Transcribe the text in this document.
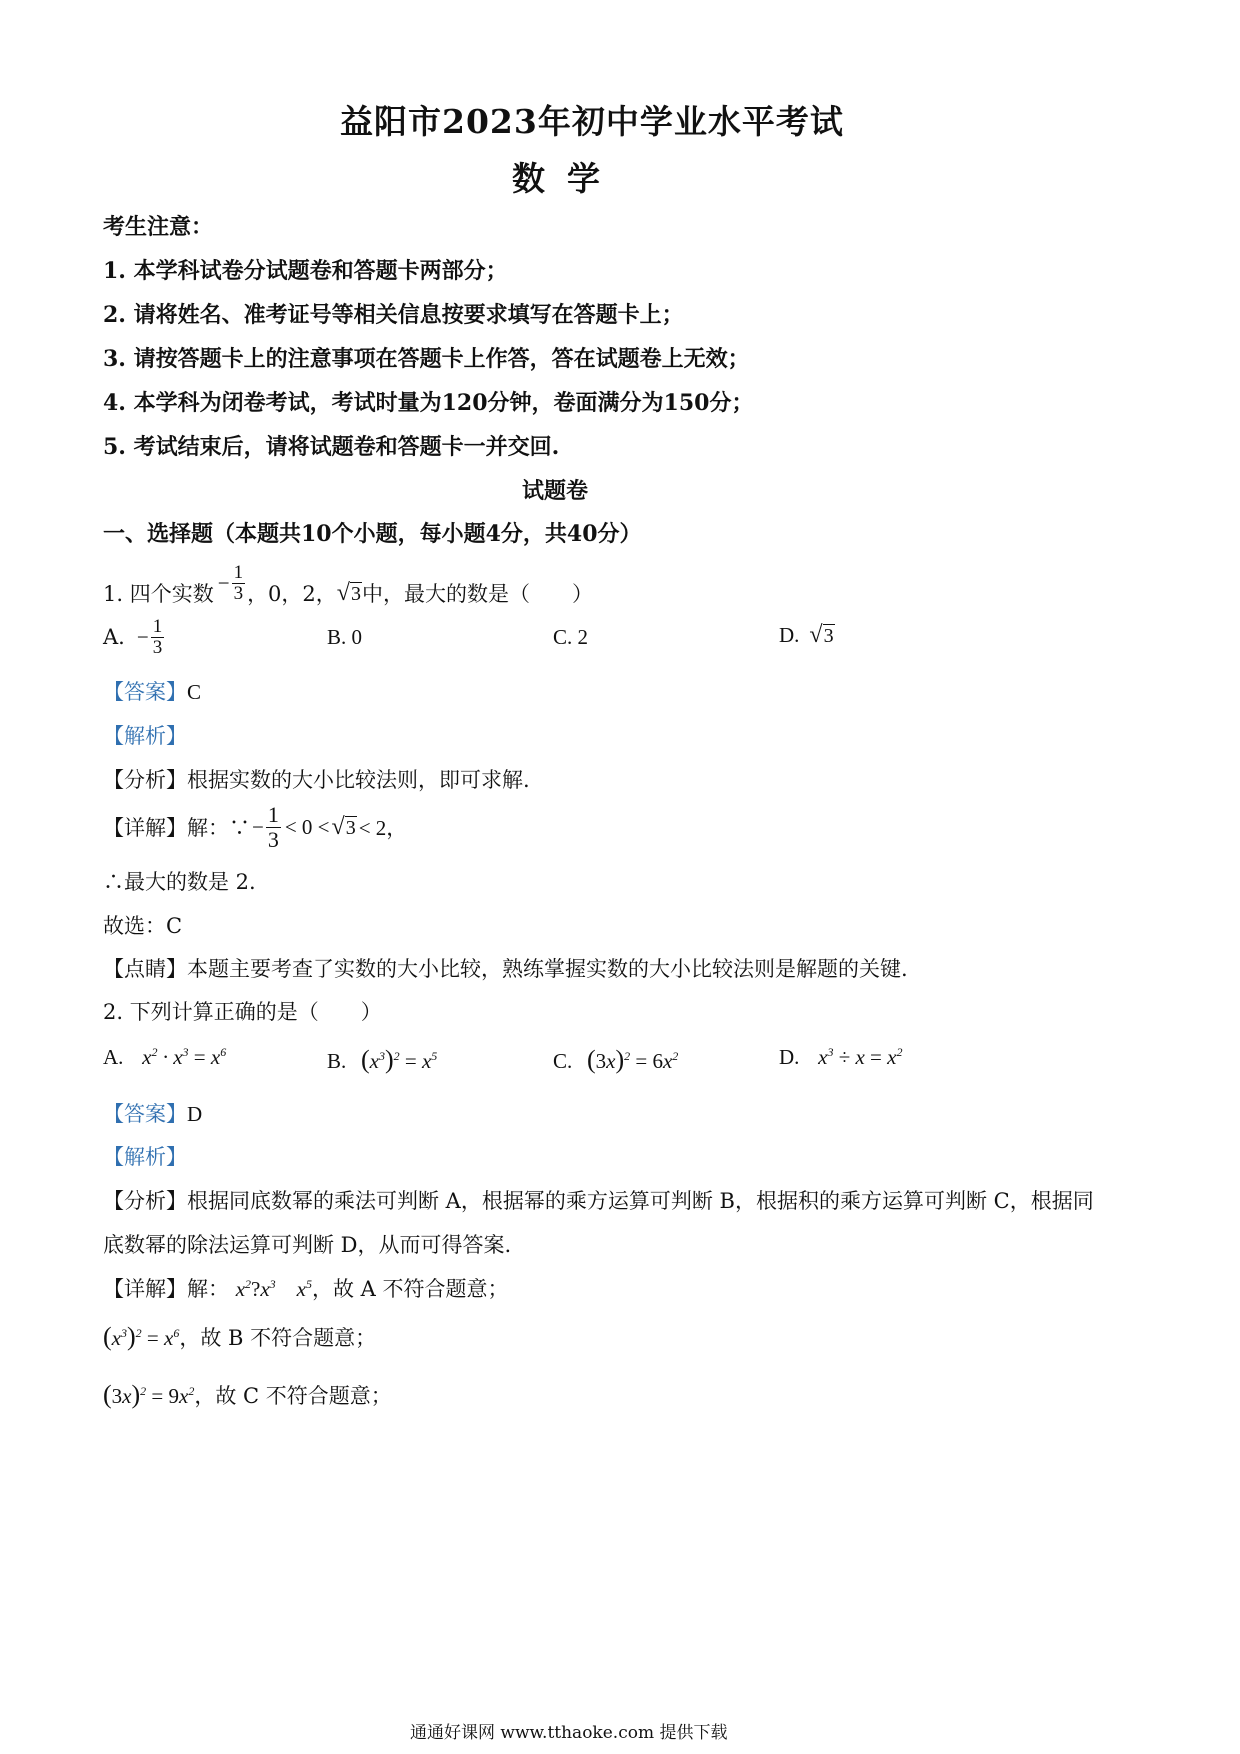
益阳市2023年初中学业水平考试
数学
考生注意：
1. 本学科试卷分试题卷和答题卡两部分；
2. 请将姓名、准考证号等相关信息按要求填写在答题卡上；
3. 请按答题卡上的注意事项在答题卡上作答，答在试题卷上无效；
4. 本学科为闭卷考试，考试时量为120分钟，卷面满分为150分；
5. 考试结束后，请将试题卷和答题卡一并交回.
试题卷
一、选择题（本题共10个小题，每小题4分，共40分）
1. 四个实数 − $\frac{1}{3}$ ，0，2， √3 中，最大的数是（　　）
A. − $\frac{1}{3}$	B. 0	C. 2	D. √3
【答案】C
【解析】
【分析】根据实数的大小比较法则，即可求解.
【详解】 解：∵ − $\frac{1}{3} < 0 < √3 < 2$，
∴最大的数是 2.
故选：C
【点睛】本题主要考查了实数的大小比较，熟练掌握实数的大小比较法则是解题的关键.
2. 下列计算正确的是（　　）
A. $x^2 \cdot x^3 = x^6$	B. $(x^3)^2 = x^5$	C. $(3x)^2 = 6x^2$	D. $x^3 \div x = x^2$
【答案】D
【解析】
【分析】根据同底数幂的乘法可判断 A，根据幂的乘方运算可判断 B，根据积的乘方运算可判断 C，根据同
底数幂的除法运算可判断 D，从而可得答案.
【详解】解： $x^2?x^3$    $x^5$，故 A 不符合题意；
$(x^3)^2 = x^6$，故 B 不符合题意；
$(3x)^2 = 9x^2$，故 C 不符合题意；
通通好课网 www.tthaoke.com 提供下载
